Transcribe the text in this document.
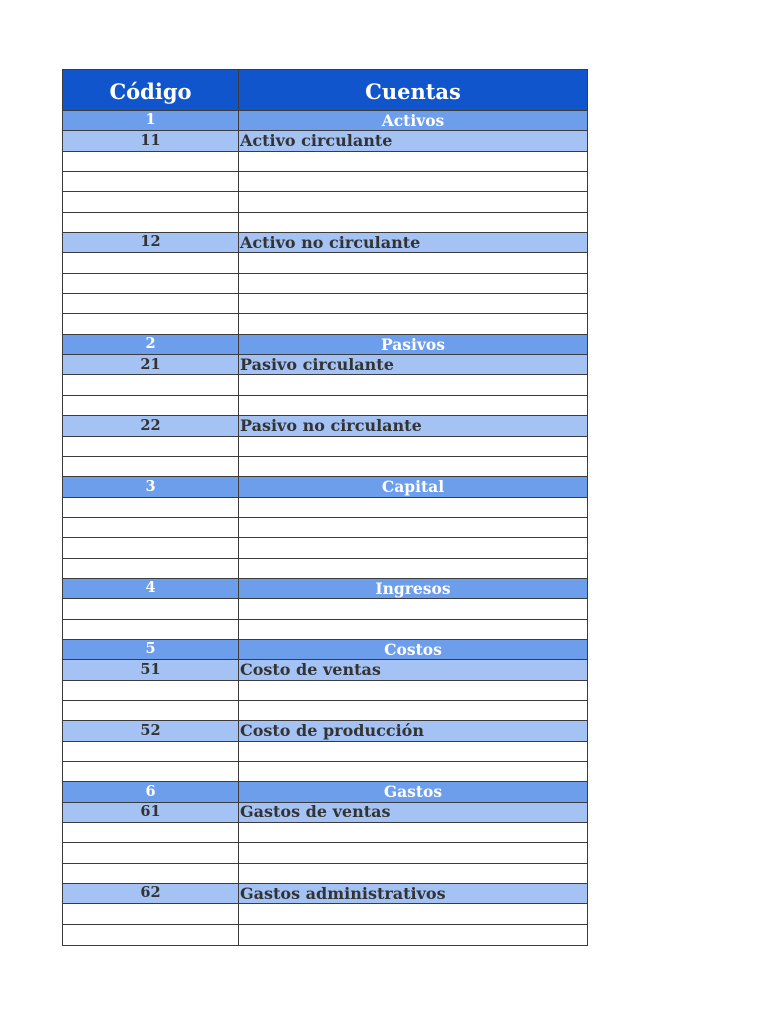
Código	Cuentas
1	Activos
11	Activo circulante
12	Activo no circulante
2	Pasivos
21	Pasivo circulante
22	Pasivo no circulante
3	Capital
4	Ingresos
5	Costos
51	Costo de ventas
52	Costo de producción
6	Gastos
61	Gastos de ventas
62	Gastos administrativos
